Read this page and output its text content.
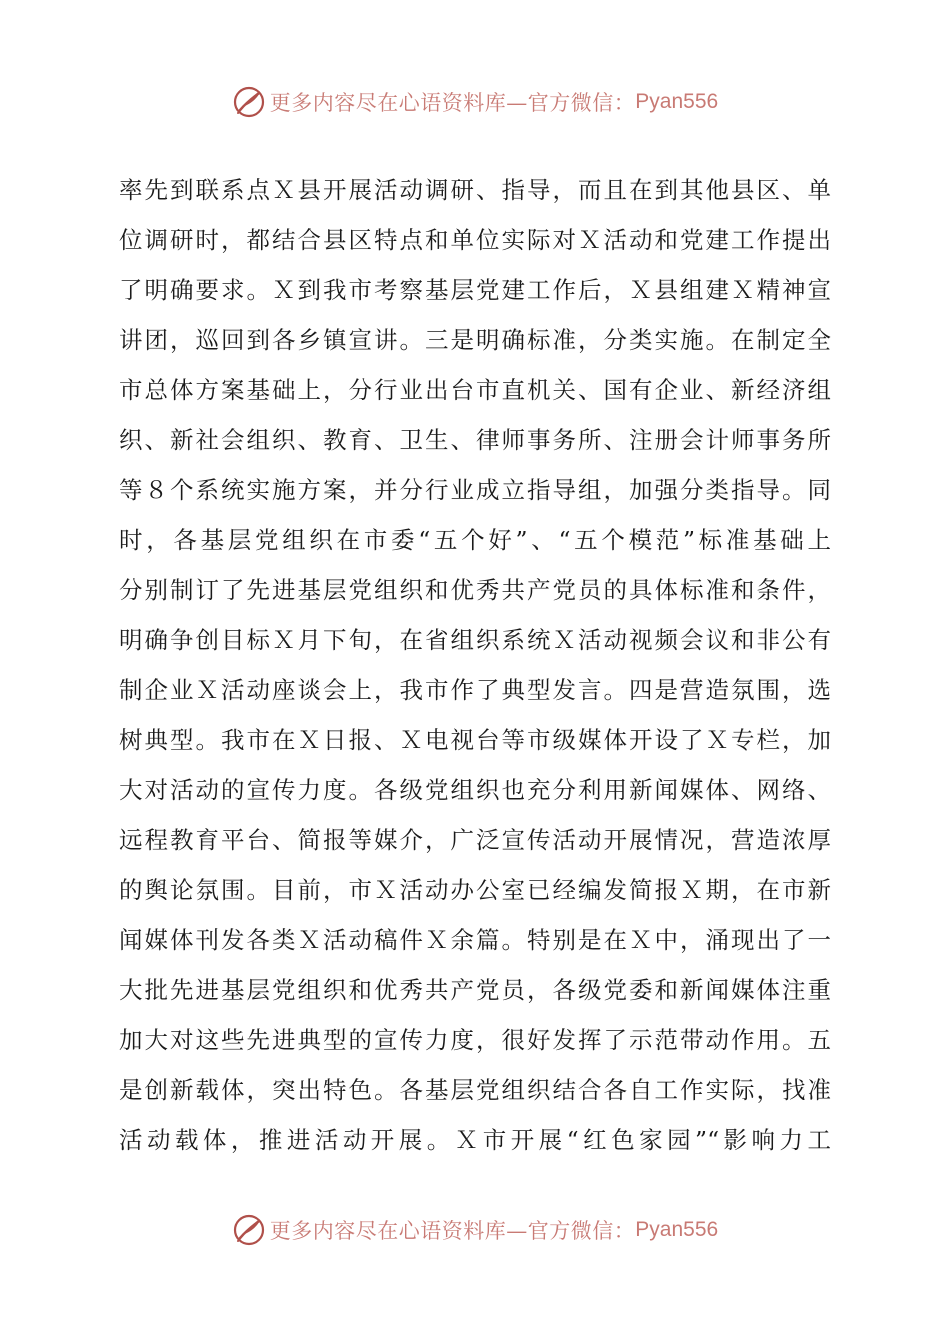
更多内容尽在心语资料库—官方微信： Pyan556
率先到联系点Ｘ县开展活动调研、指导，而且在到其他县区、单
位调研时，都结合县区特点和单位实际对Ｘ活动和党建工作提出
了明确要求。Ｘ到我市考察基层党建工作后，Ｘ县组建Ｘ精神宣
讲团，巡回到各乡镇宣讲。三是明确标准，分类实施。在制定全
市总体方案基础上，分行业出台市直机关、国有企业、新经济组
织、新社会组织、教育、卫生、律师事务所、注册会计师事务所
等８个系统实施方案，并分行业成立指导组，加强分类指导。同
时，各基层党组织在市委“五个好”、“五个模范”标准基础上
分别制订了先进基层党组织和优秀共产党员的具体标准和条件，
明确争创目标Ｘ月下旬，在省组织系统Ｘ活动视频会议和非公有
制企业Ｘ活动座谈会上，我市作了典型发言。四是营造氛围，选
树典型。我市在Ｘ日报、Ｘ电视台等市级媒体开设了Ｘ专栏，加
大对活动的宣传力度。各级党组织也充分利用新闻媒体、网络、
远程教育平台、简报等媒介，广泛宣传活动开展情况，营造浓厚
的舆论氛围。目前，市Ｘ活动办公室已经编发简报Ｘ期，在市新
闻媒体刊发各类Ｘ活动稿件Ｘ余篇。特别是在Ｘ中，涌现出了一
大批先进基层党组织和优秀共产党员，各级党委和新闻媒体注重
加大对这些先进典型的宣传力度，很好发挥了示范带动作用。五
是创新载体，突出特色。各基层党组织结合各自工作实际，找准
活动载体，推进活动开展。Ｘ市开展“红色家园”“影响力工
更多内容尽在心语资料库—官方微信： Pyan556
